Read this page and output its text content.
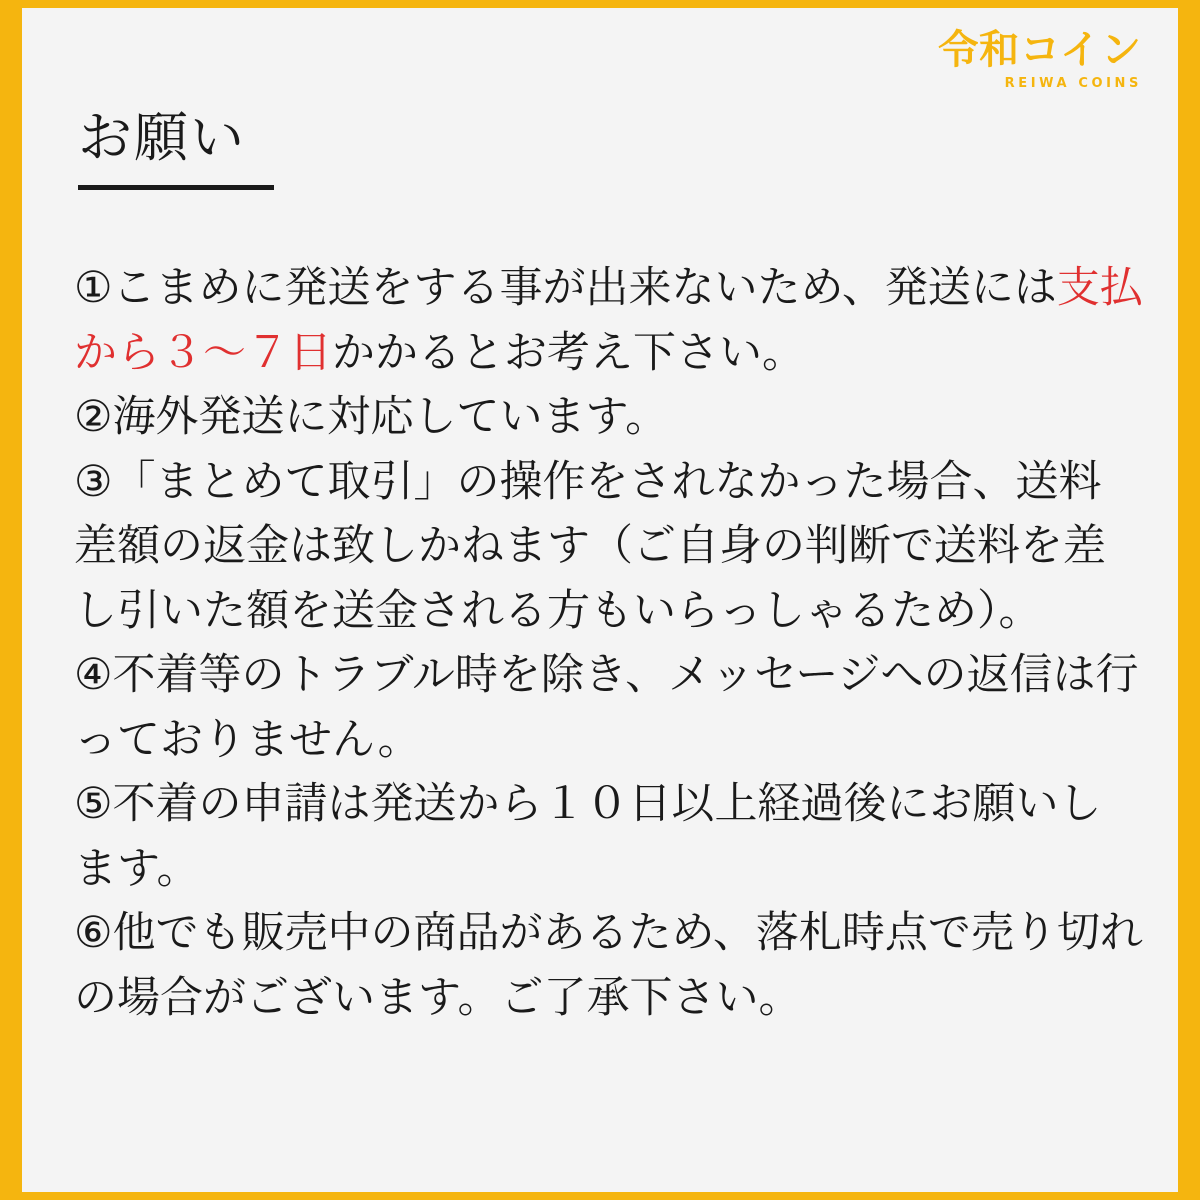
令和コイン
REIWA COINS
お願い

①こまめに発送をする事が出来ないため、発送には支払から３〜７日かかるとお考え下さい。

②海外発送に対応しています。

③「まとめて取引」の操作をされなかった場合、送料差額の返金は致しかねます（ご自身の判断で送料を差し引いた額を送金される方もいらっしゃるため）。

④不着等のトラブル時を除き、メッセージへの返信は行っておりません。

⑤不着の申請は発送から１０日以上経過後にお願いします。

⑥他でも販売中の商品があるため、落札時点で売り切れの場合がございます。ご了承下さい。
